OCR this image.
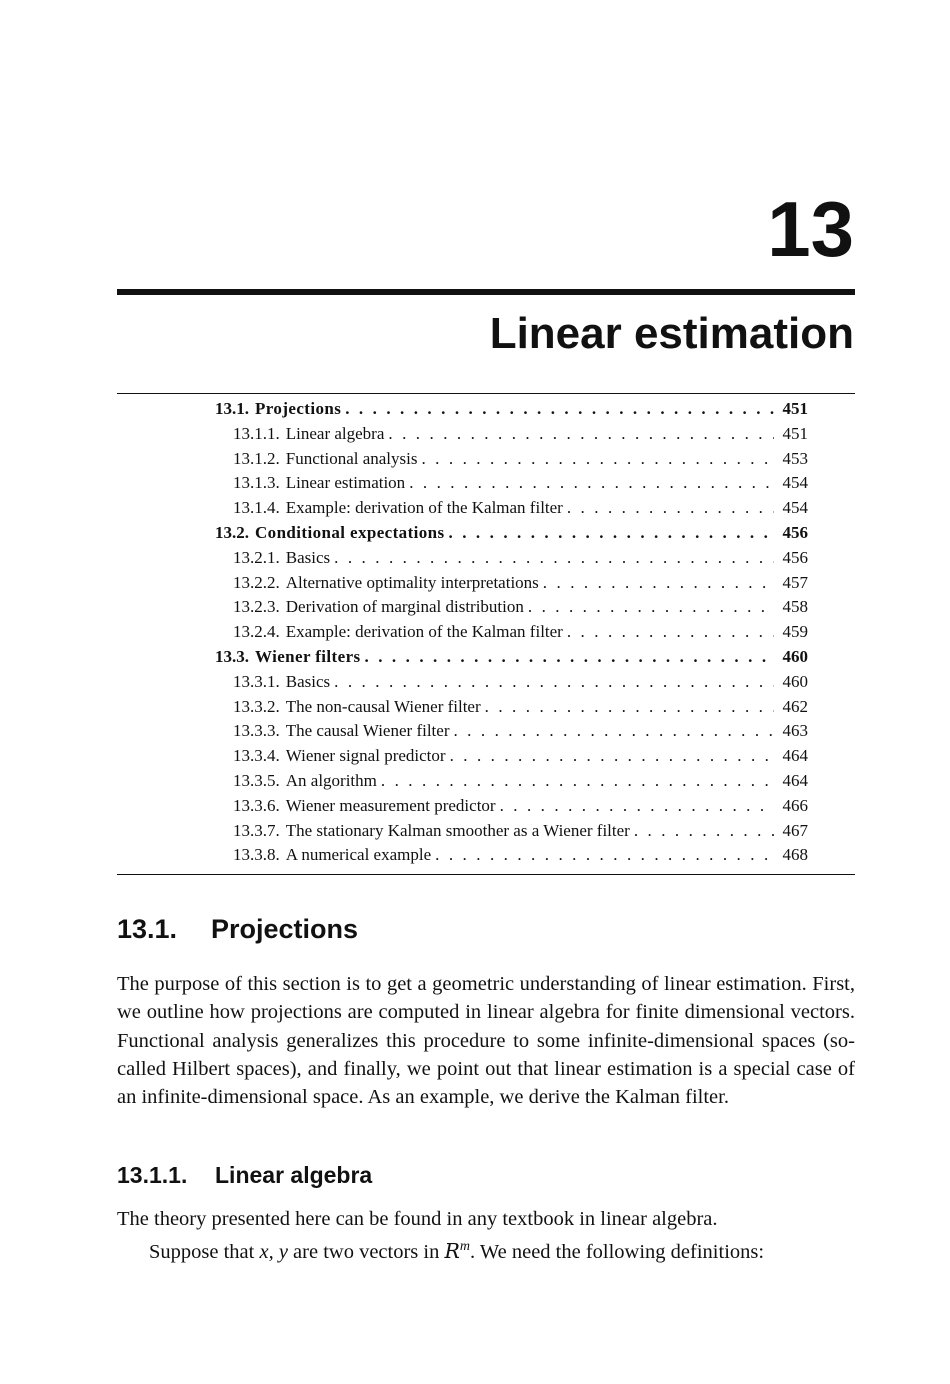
13
Linear estimation
13.1. Projections . . .	451
13.1.1. Linear algebra . . .	451
13.1.2. Functional analysis . . .	453
13.1.3. Linear estimation . . .	454
13.1.4. Example: derivation of the Kalman filter . . .	454
13.2. Conditional expectations . . .	456
13.2.1. Basics . . .	456
13.2.2. Alternative optimality interpretations . . .	457
13.2.3. Derivation of marginal distribution . . .	458
13.2.4. Example: derivation of the Kalman filter . . .	459
13.3. Wiener filters . . .	460
13.3.1. Basics . . .	460
13.3.2. The non-causal Wiener filter . . .	462
13.3.3. The causal Wiener filter . . .	463
13.3.4. Wiener signal predictor . . .	464
13.3.5. An algorithm . . .	464
13.3.6. Wiener measurement predictor . . .	466
13.3.7. The stationary Kalman smoother as a Wiener filter . . .	467
13.3.8. A numerical example . . .	468
13.1. Projections
The purpose of this section is to get a geometric understanding of linear estimation. First, we outline how projections are computed in linear algebra for finite dimensional vectors. Functional analysis generalizes this procedure to some infinite-dimensional spaces (so-called Hilbert spaces), and finally, we point out that linear estimation is a special case of an infinite-dimensional space. As an example, we derive the Kalman filter.
13.1.1. Linear algebra
The theory presented here can be found in any textbook in linear algebra.
Suppose that x, y are two vectors in $R^m$. We need the following definitions:
